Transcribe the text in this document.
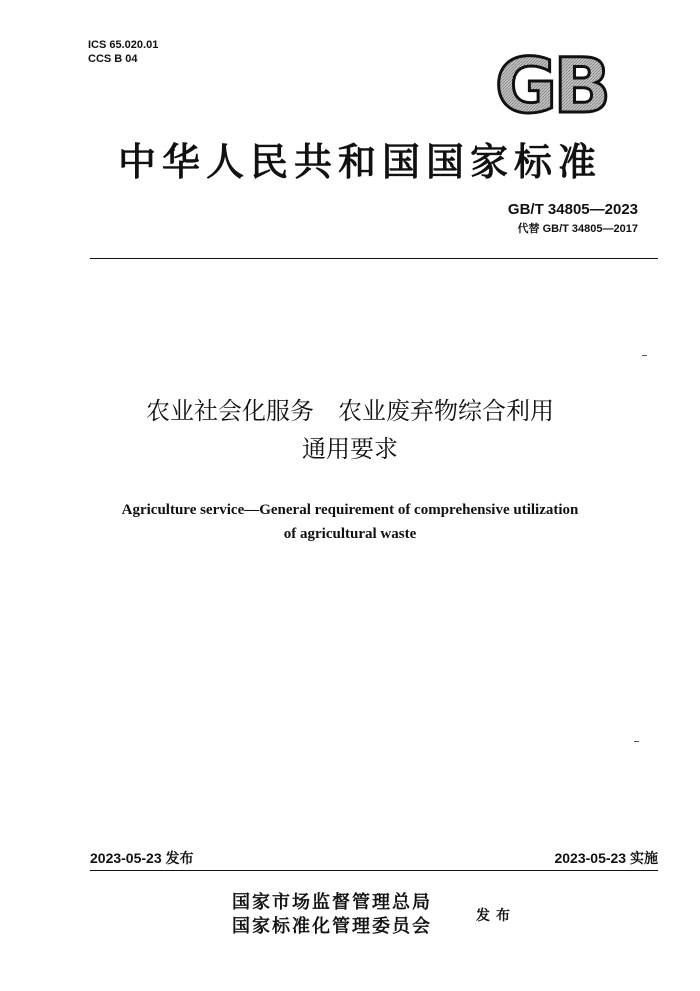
ICS 65.020.01
CCS B 04	GB
中华人民共和国国家标准
GB/T 34805—2023
代替 GB/T 34805—2017
农业社会化服务　农业废弃物综合利用
通用要求
Agriculture service—General requirement of comprehensive utilization
of agricultural waste
2023-05-23 发布	2023-05-23 实施
国家市场监督管理总局
国家标准化管理委员会	发布
